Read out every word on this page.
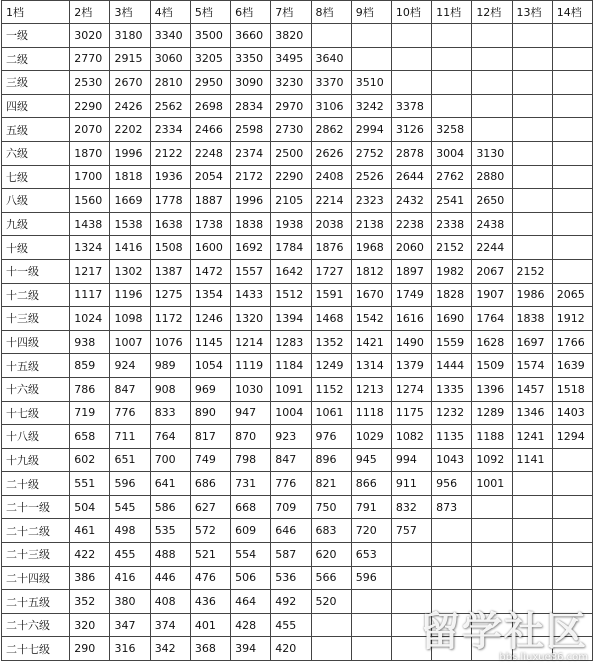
1档	2档	3档	4档	5档	6档	7档	8档	9档	10档	11档	12档	13档	14档
一级	3020	3180	3340	3500	3660	3820							
二级	2770	2915	3060	3205	3350	3495	3640						
三级	2530	2670	2810	2950	3090	3230	3370	3510					
四级	2290	2426	2562	2698	2834	2970	3106	3242	3378				
五级	2070	2202	2334	2466	2598	2730	2862	2994	3126	3258			
六级	1870	1996	2122	2248	2374	2500	2626	2752	2878	3004	3130		
七级	1700	1818	1936	2054	2172	2290	2408	2526	2644	2762	2880		
八级	1560	1669	1778	1887	1996	2105	2214	2323	2432	2541	2650		
九级	1438	1538	1638	1738	1838	1938	2038	2138	2238	2338	2438		
十级	1324	1416	1508	1600	1692	1784	1876	1968	2060	2152	2244		
十一级	1217	1302	1387	1472	1557	1642	1727	1812	1897	1982	2067	2152	
十二级	1117	1196	1275	1354	1433	1512	1591	1670	1749	1828	1907	1986	2065
十三级	1024	1098	1172	1246	1320	1394	1468	1542	1616	1690	1764	1838	1912
十四级	938	1007	1076	1145	1214	1283	1352	1421	1490	1559	1628	1697	1766
十五级	859	924	989	1054	1119	1184	1249	1314	1379	1444	1509	1574	1639
十六级	786	847	908	969	1030	1091	1152	1213	1274	1335	1396	1457	1518
十七级	719	776	833	890	947	1004	1061	1118	1175	1232	1289	1346	1403
十八级	658	711	764	817	870	923	976	1029	1082	1135	1188	1241	1294
十九级	602	651	700	749	798	847	896	945	994	1043	1092	1141	
二十级	551	596	641	686	731	776	821	866	911	956	1001		
二十一级	504	545	586	627	668	709	750	791	832	873			
二十二级	461	498	535	572	609	646	683	720	757				
二十三级	422	455	488	521	554	587	620	653					
二十四级	386	416	446	476	506	536	566	596					
二十五级	352	380	408	436	464	492	520						
二十六级	320	347	374	401	428	455							
二十七级	290	316	342	368	394	420								留学社区
bbs.liuxue86.com
